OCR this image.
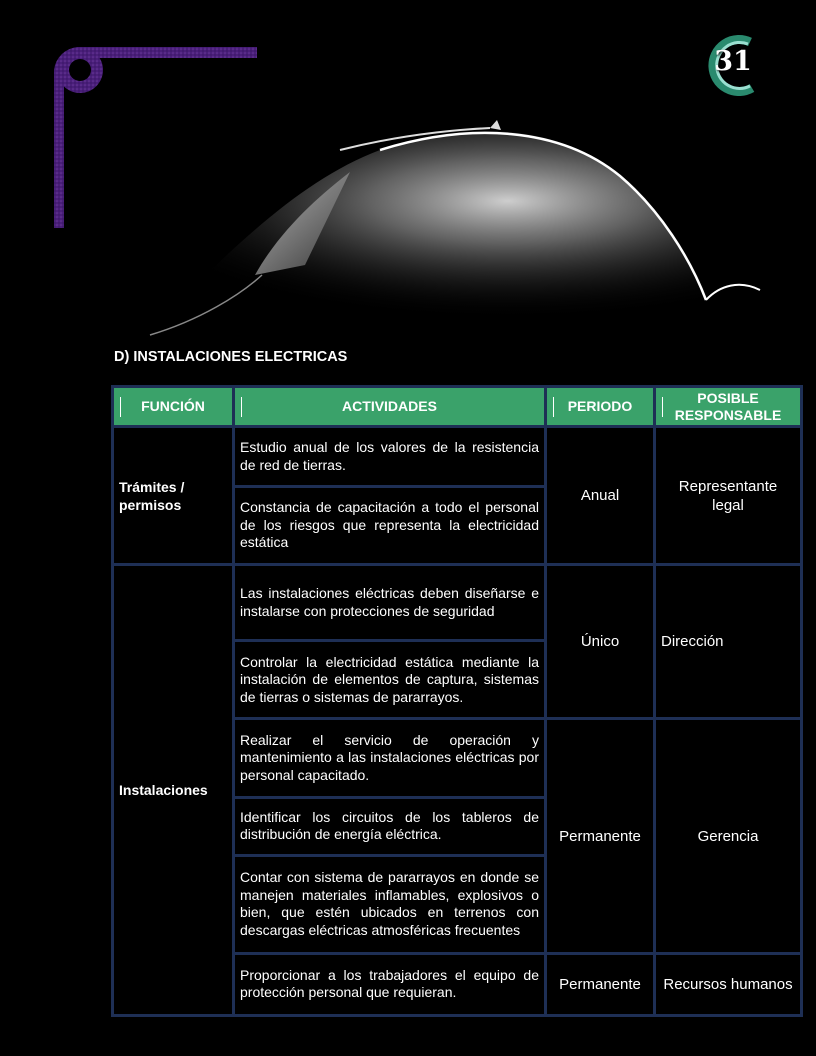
31
D) INSTALACIONES ELECTRICAS
FUNCIÓN	ACTIVIDADES	PERIODO	POSIBLE RESPONSABLE
Trámites / permisos	Estudio anual de los valores de la resistencia de red de tierras.	Anual	Representante legal
	Constancia de capacitación a todo el personal de los riesgos que representa la electricidad estática		
Instalaciones	Las instalaciones eléctricas deben diseñarse e instalarse con protecciones de seguridad	Único	Dirección
	Controlar la electricidad estática mediante la instalación de elementos de captura, sistemas de tierras o sistemas de pararrayos.		
	Realizar el servicio de operación y mantenimiento a las instalaciones eléctricas por personal capacitado.	Permanente	Gerencia
	Identificar los circuitos de los tableros de distribución de energía eléctrica.		
	Contar con sistema de pararrayos en donde se manejen materiales inflamables, explosivos o bien, que estén ubicados en terrenos con descargas eléctricas atmosféricas frecuentes		
	Proporcionar a los trabajadores el equipo de protección personal que requieran.	Permanente	Recursos humanos
